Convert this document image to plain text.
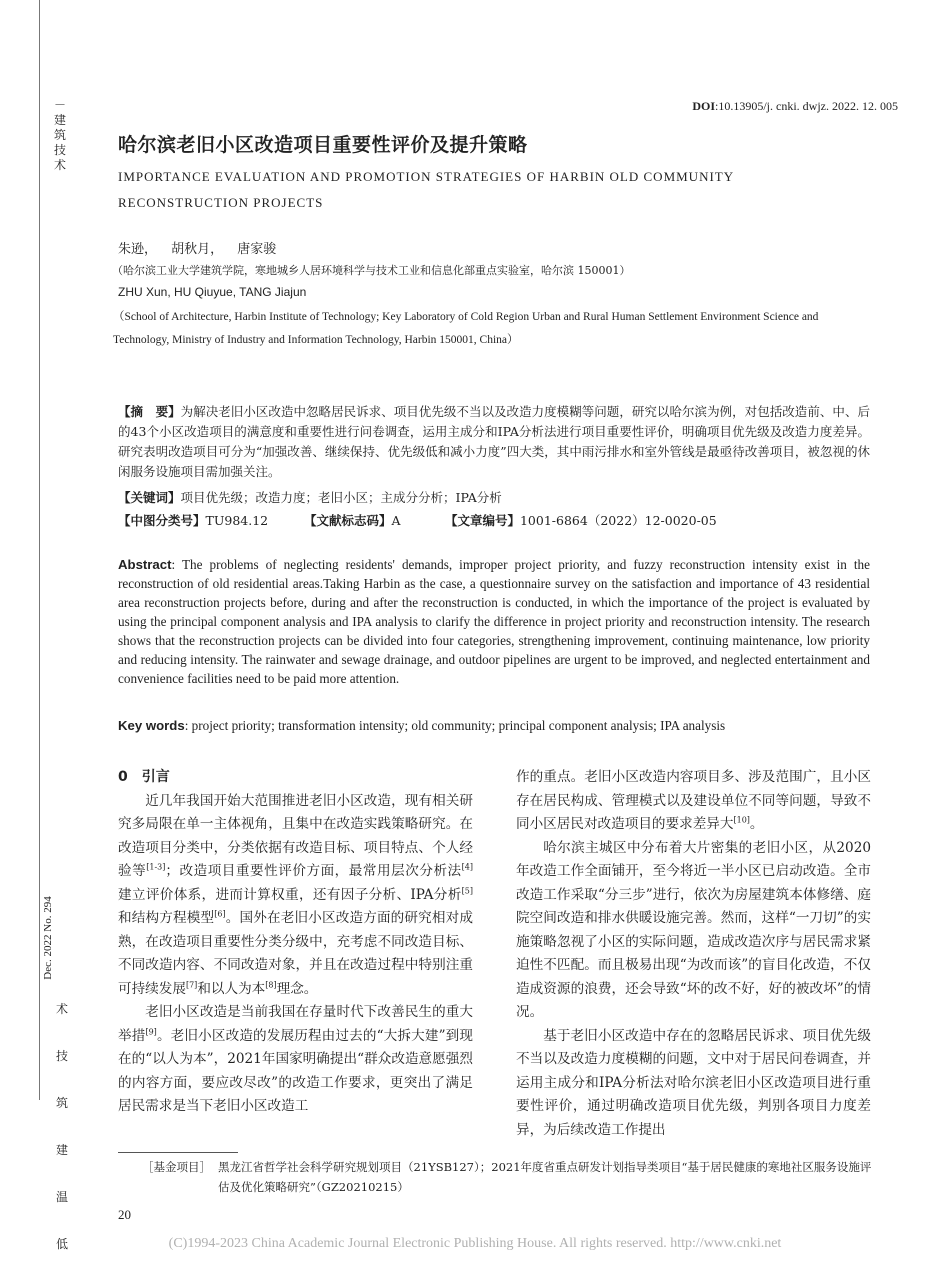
－
建
筑
技
术
Dec. 2022 No. 294
术
技
筑
建
温
低
DOI:10.13905/j. cnki. dwjz. 2022. 12. 005
哈尔滨老旧小区改造项目重要性评价及提升策略
IMPORTANCE EVALUATION AND PROMOTION STRATEGIES OF HARBIN OLD COMMUNITY RECONSTRUCTION PROJECTS
朱逊， 胡秋月， 唐家骏
（哈尔滨工业大学建筑学院，寒地城乡人居环境科学与技术工业和信息化部重点实验室，哈尔滨 150001）
ZHU Xun, HU Qiuyue, TANG Jiajun
（School of Architecture, Harbin Institute of Technology; Key Laboratory of Cold Region Urban and Rural Human Settlement Environment Science and Technology, Ministry of Industry and Information Technology, Harbin 150001, China）
【摘　要】为解决老旧小区改造中忽略居民诉求、项目优先级不当以及改造力度模糊等问题，研究以哈尔滨为例，对包括改造前、中、后的43个小区改造项目的满意度和重要性进行问卷调查，运用主成分和IPA分析法进行项目重要性评价，明确项目优先级及改造力度差异。研究表明改造项目可分为“加强改善、继续保持、优先级低和减小力度”四大类，其中雨污排水和室外管线是最亟待改善项目，被忽视的休闲服务设施项目需加强关注。
【关键词】项目优先级；改造力度；老旧小区；主成分分析；IPA分析
【中图分类号】TU984.12	【文献标志码】A	【文章编号】1001-6864（2022）12-0020-05
Abstract: The problems of neglecting residents' demands, improper project priority, and fuzzy reconstruction intensity exist in the reconstruction of old residential areas.Taking Harbin as the case, a questionnaire survey on the satisfaction and importance of 43 residential area reconstruction projects before, during and after the reconstruction is conducted, in which the importance of the project is evaluated by using the principal component analysis and IPA analysis to clarify the difference in project priority and reconstruction intensity. The research shows that the reconstruction projects can be divided into four categories, strengthening improvement, continuing maintenance, low priority and reducing intensity. The rainwater and sewage drainage, and outdoor pipelines are urgent to be improved, and neglected entertainment and convenience facilities need to be paid more attention.
Key words: project priority; transformation intensity; old community; principal component analysis; IPA analysis
0 引言

近几年我国开始大范围推进老旧小区改造，现有相关研究多局限在单一主体视角，且集中在改造实践策略研究。在改造项目分类中，分类依据有改造目标、项目特点、个人经验等[1-3]；改造项目重要性评价方面，最常用层次分析法[4]建立评价体系，进而计算权重，还有因子分析、IPA分析[5]和结构方程模型[6]。国外在老旧小区改造方面的研究相对成熟，在改造项目重要性分类分级中，充考虑不同改造目标、不同改造内容、不同改造对象，并且在改造过程中特别注重可持续发展[7]和以人为本[8]理念。

老旧小区改造是当前我国在存量时代下改善民生的重大举措[9]。老旧小区改造的发展历程由过去的“大拆大建”到现在的“以人为本”，2021年国家明确提出“群众改造意愿强烈的内容方面，要应改尽改”的改造工作要求，更突出了满足居民需求是当下老旧小区改造工

作的重点。老旧小区改造内容项目多、涉及范围广，且小区存在居民构成、管理模式以及建设单位不同等问题，导致不同小区居民对改造项目的要求差异大[10]。

哈尔滨主城区中分布着大片密集的老旧小区，从2020年改造工作全面铺开，至今将近一半小区已启动改造。全市改造工作采取“分三步”进行，依次为房屋建筑本体修缮、庭院空间改造和排水供暖设施完善。然而，这样“一刀切”的实施策略忽视了小区的实际问题，造成改造次序与居民需求紧迫性不匹配。而且极易出现“为改而该”的盲目化改造，不仅造成资源的浪费，还会导致“坏的改不好，好的被改坏”的情况。

基于老旧小区改造中存在的忽略居民诉求、项目优先级不当以及改造力度模糊的问题，文中对于居民问卷调查，并运用主成分和IPA分析法对哈尔滨老旧小区改造项目进行重要性评价，通过明确改造项目优先级，判别各项目力度差异，为后续改造工作提出

［基金项目］ 黑龙江省哲学社会科学研究规划项目（21YSB127）；2021年度省重点研发计划指导类项目“基于居民健康的寒地社区服务设施评估及优化策略研究”（GZ20210215）
20
(C)1994-2023 China Academic Journal Electronic Publishing House. All rights reserved. http://www.cnki.net
